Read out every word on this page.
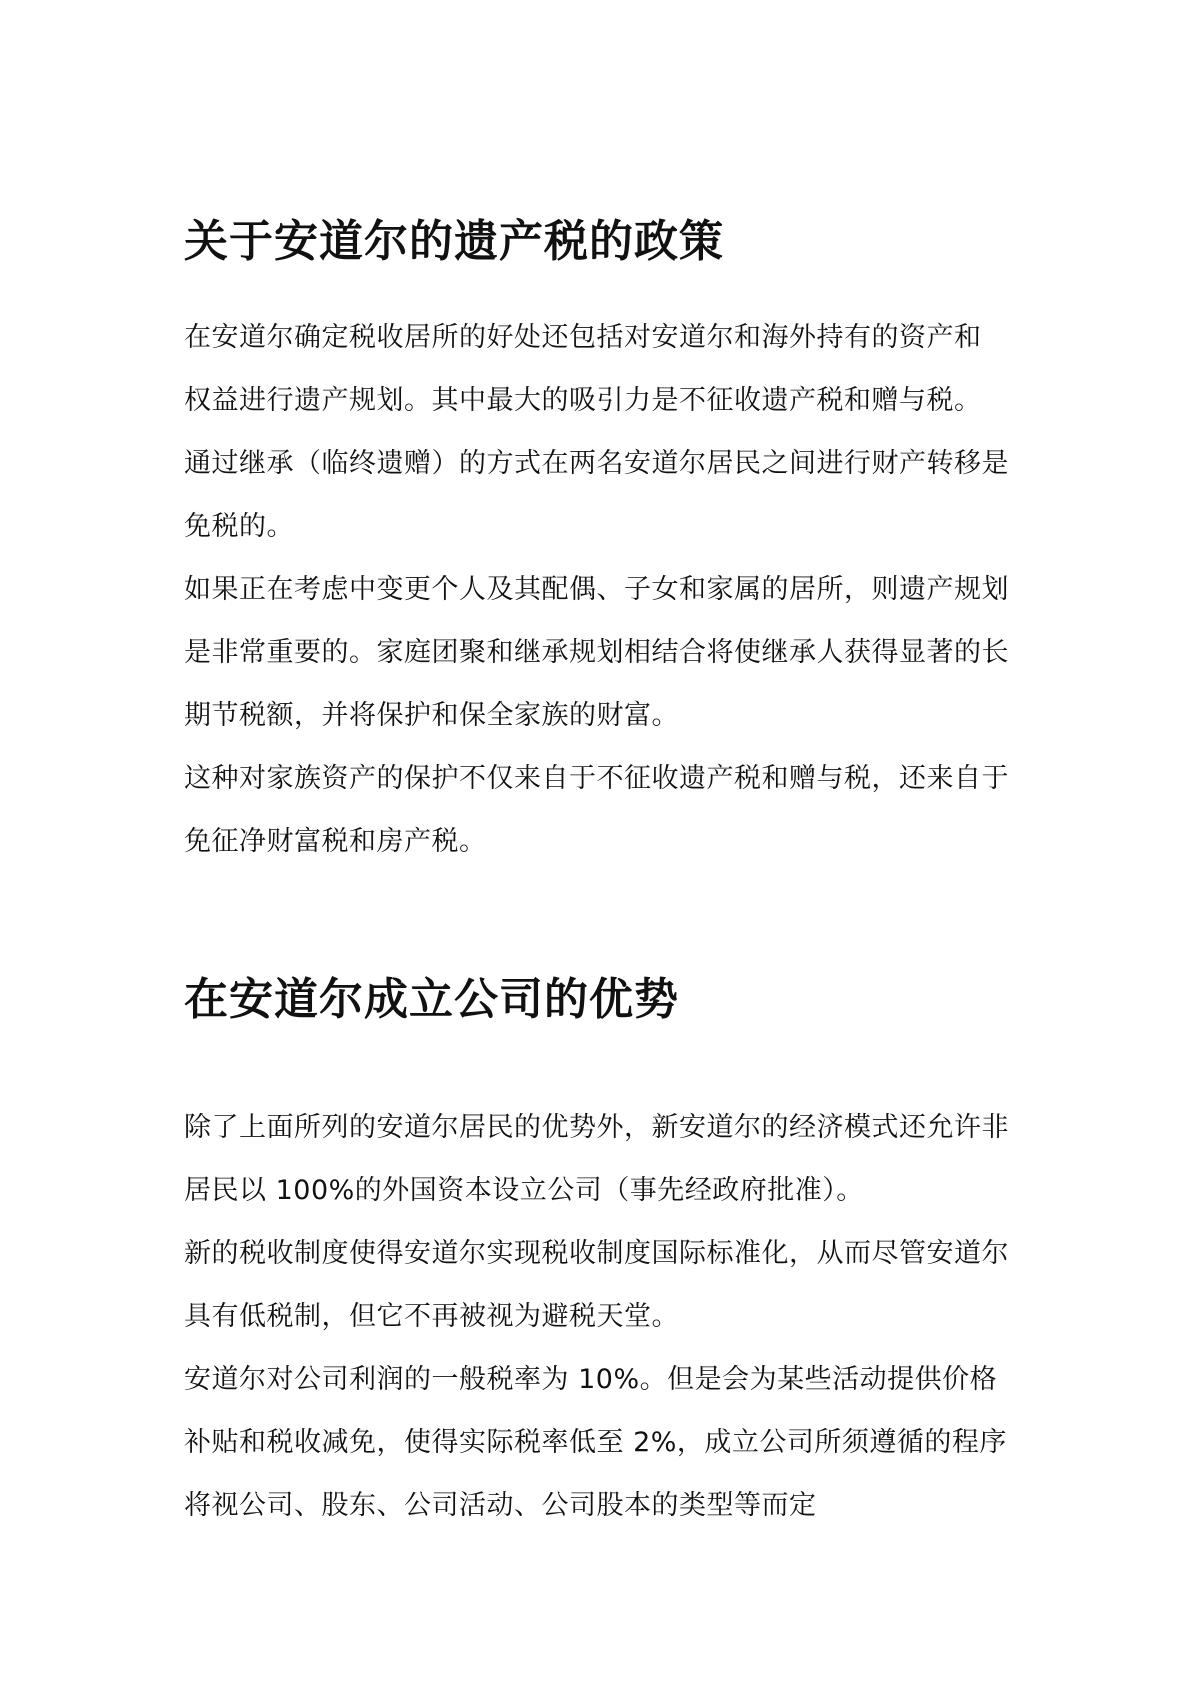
关于安道尔的遗产税的政策
在安道尔确定税收居所的好处还包括对安道尔和海外持有的资产和
权益进行遗产规划。其中最大的吸引力是不征收遗产税和赠与税。
通过继承（临终遗赠）的方式在两名安道尔居民之间进行财产转移是
免税的。
如果正在考虑中变更个人及其配偶、子女和家属的居所，则遗产规划
是非常重要的。家庭团聚和继承规划相结合将使继承人获得显著的长
期节税额，并将保护和保全家族的财富。
这种对家族资产的保护不仅来自于不征收遗产税和赠与税，还来自于
免征净财富税和房产税。
在安道尔成立公司的优势
除了上面所列的安道尔居民的优势外，新安道尔的经济模式还允许非
居民以 100%的外国资本设立公司（事先经政府批准）。
新的税收制度使得安道尔实现税收制度国际标准化，从而尽管安道尔
具有低税制，但它不再被视为避税天堂。
安道尔对公司利润的一般税率为 10%。但是会为某些活动提供价格
补贴和税收减免，使得实际税率低至 2%，成立公司所须遵循的程序
将视公司、股东、公司活动、公司股本的类型等而定
